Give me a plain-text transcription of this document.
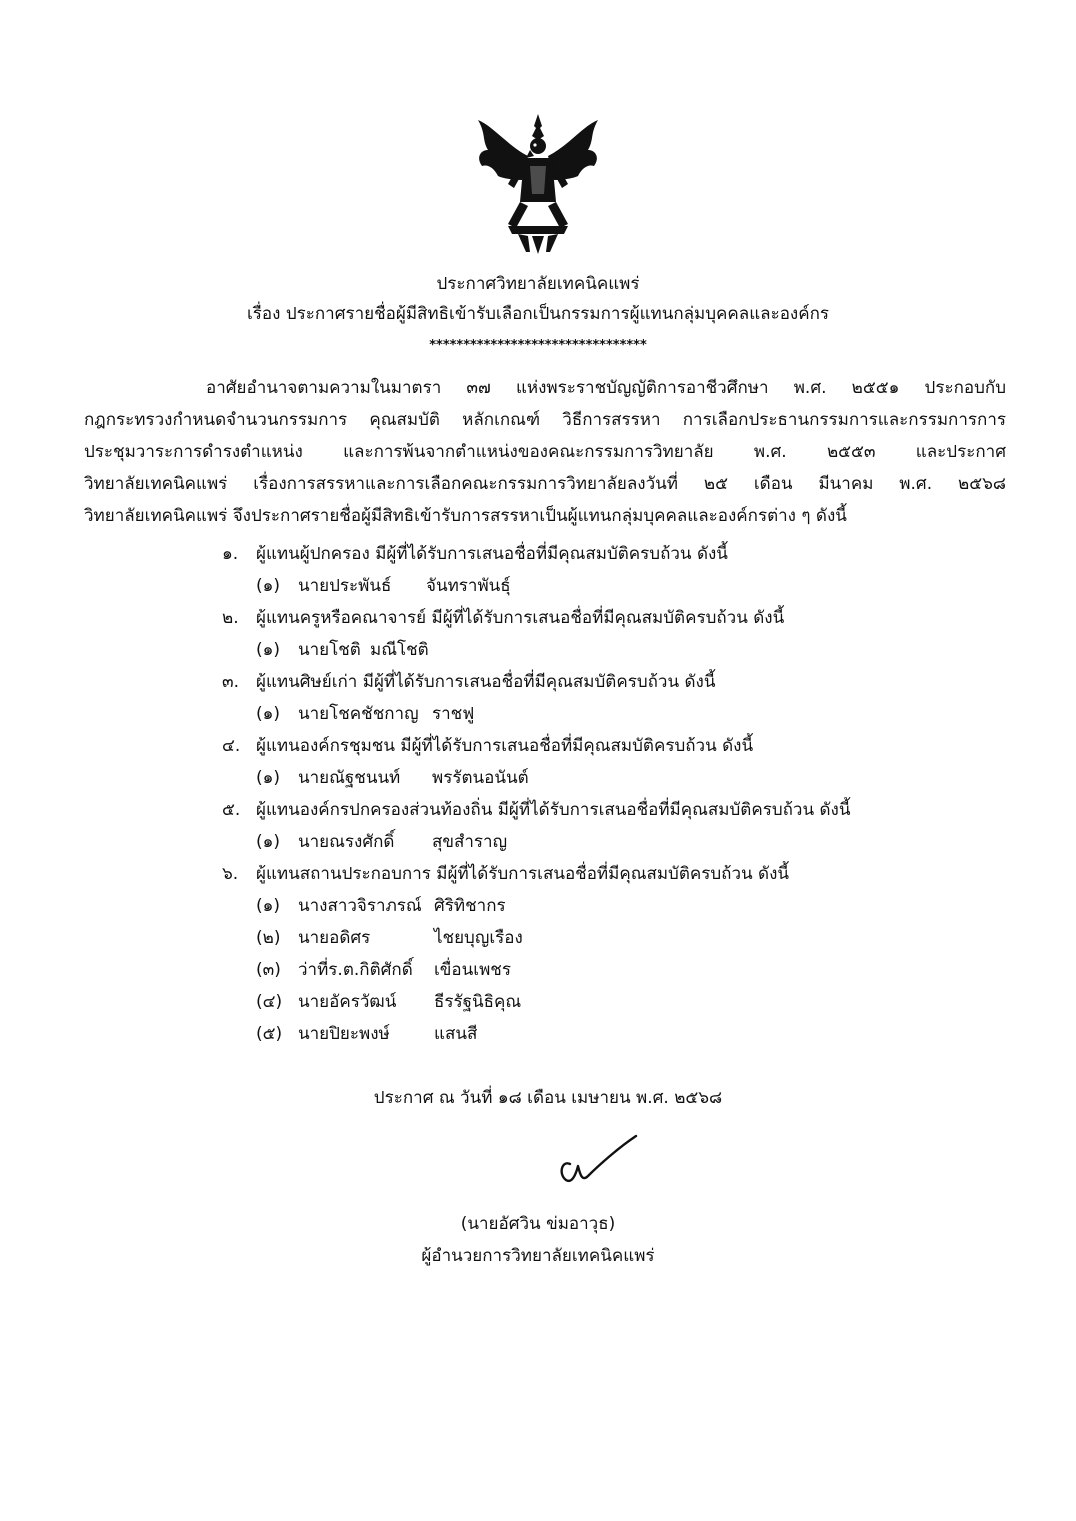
ประกาศวิทยาลัยเทคนิคแพร่
เรื่อง ประกาศรายชื่อผู้มีสิทธิเข้ารับเลือกเป็นกรรมการผู้แทนกลุ่มบุคคลและองค์กร
********************************
อาศัยอำนาจตามความในมาตรา ๓๗ แห่งพระราชบัญญัติการอาชีวศึกษา พ.ศ. ๒๕๕๑ ประกอบกับ
กฎกระทรวงกำหนดจำนวนกรรมการ คุณสมบัติ หลักเกณฑ์ วิธีการสรรหา การเลือกประธานกรรมการและกรรมการการ
ประชุมวาระการดำรงตำแหน่ง และการพ้นจากตำแหน่งของคณะกรรมการวิทยาลัย พ.ศ. ๒๕๕๓ และประกาศ
วิทยาลัยเทคนิคแพร่ เรื่องการสรรหาและการเลือกคณะกรรมการวิทยาลัยลงวันที่ ๒๕ เดือน มีนาคม พ.ศ. ๒๕๖๘
วิทยาลัยเทคนิคแพร่ จึงประกาศรายชื่อผู้มีสิทธิเข้ารับการสรรหาเป็นผู้แทนกลุ่มบุคคลและองค์กรต่าง ๆ ดังนี้
๑. ผู้แทนผู้ปกครอง มีผู้ที่ได้รับการเสนอชื่อที่มีคุณสมบัติครบถ้วน ดังนี้
(๑) นายประพันธ์ จันทราพันธุ์
๒. ผู้แทนครูหรือคณาจารย์ มีผู้ที่ได้รับการเสนอชื่อที่มีคุณสมบัติครบถ้วน ดังนี้
(๑) นายโชติ มณีโชติ
๓. ผู้แทนศิษย์เก่า มีผู้ที่ได้รับการเสนอชื่อที่มีคุณสมบัติครบถ้วน ดังนี้
(๑) นายโชคชัชกาญ ราชฟู
๔. ผู้แทนองค์กรชุมชน มีผู้ที่ได้รับการเสนอชื่อที่มีคุณสมบัติครบถ้วน ดังนี้
(๑) นายณัฐชนนท์ พรรัตนอนันต์
๕. ผู้แทนองค์กรปกครองส่วนท้องถิ่น มีผู้ที่ได้รับการเสนอชื่อที่มีคุณสมบัติครบถ้วน ดังนี้
(๑) นายณรงศักดิ์ สุขสำราญ
๖. ผู้แทนสถานประกอบการ มีผู้ที่ได้รับการเสนอชื่อที่มีคุณสมบัติครบถ้วน ดังนี้
(๑) นางสาวจิราภรณ์ ศิริทิชากร
(๒) นายอดิศร	ไชยบุญเรือง
(๓) ว่าที่ร.ต.กิติศักดิ์ เขื่อนเพชร
(๔) นายอัครวัฒน์ ธีรรัฐนิธิคุณ
(๕) นายปิยะพงษ์	แสนสี
ประกาศ ณ วันที่ ๑๘ เดือน เมษายน พ.ศ. ๒๕๖๘
(นายอัศวิน ข่มอาวุธ)
ผู้อำนวยการวิทยาลัยเทคนิคแพร่
